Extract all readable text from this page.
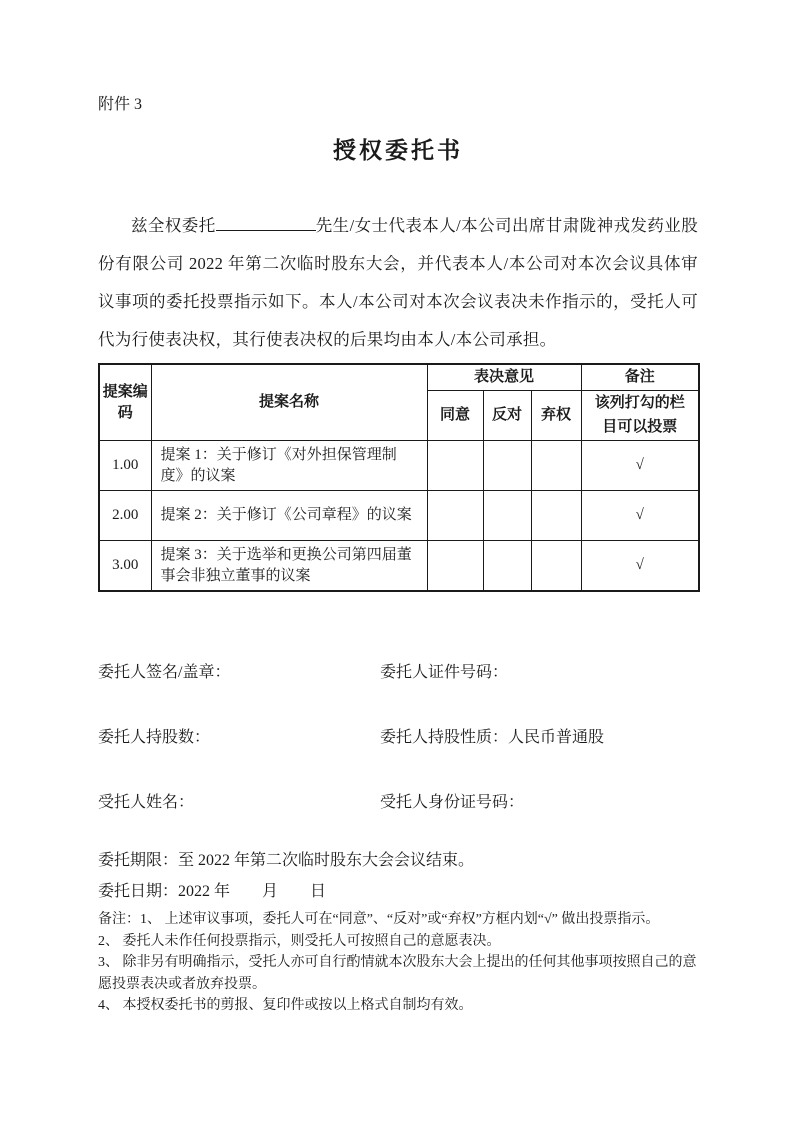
附件 3
授权委托书
兹全权委托	先生/女士代表本人/本公司出席甘肃陇神戎发药业股份有限公司 2022 年第二次临时股东大会，并代表本人/本公司对本次会议具体审议事项的委托投票指示如下。本人/本公司对本次会议表决未作指示的，受托人可代为行使表决权，其行使表决权的后果均由本人/本公司承担。
提案编码	提案名称	表决意见			备注
		同意	反对	弃权	该列打勾的栏目可以投票
1.00	提案 1：关于修订《对外担保管理制度》的议案				√
2.00	提案 2：关于修订《公司章程》的议案				√
3.00	提案 3：关于选举和更换公司第四届董事会非独立董事的议案				√
委托人签名/盖章：	委托人证件号码：
委托人持股数：	委托人持股性质：人民币普通股
受托人姓名：	受托人身份证号码：
委托期限：至 2022 年第二次临时股东大会会议结束。
委托日期：2022 年　　月　　日
备注：1、 上述审议事项，委托人可在“同意”、“反对”或“弃权”方框内划“√” 做出投票指示。
2、 委托人未作任何投票指示，则受托人可按照自己的意愿表决。
3、 除非另有明确指示，受托人亦可自行酌情就本次股东大会上提出的任何其他事项按照自己的意愿投票表决或者放弃投票。
4、 本授权委托书的剪报、复印件或按以上格式自制均有效。
